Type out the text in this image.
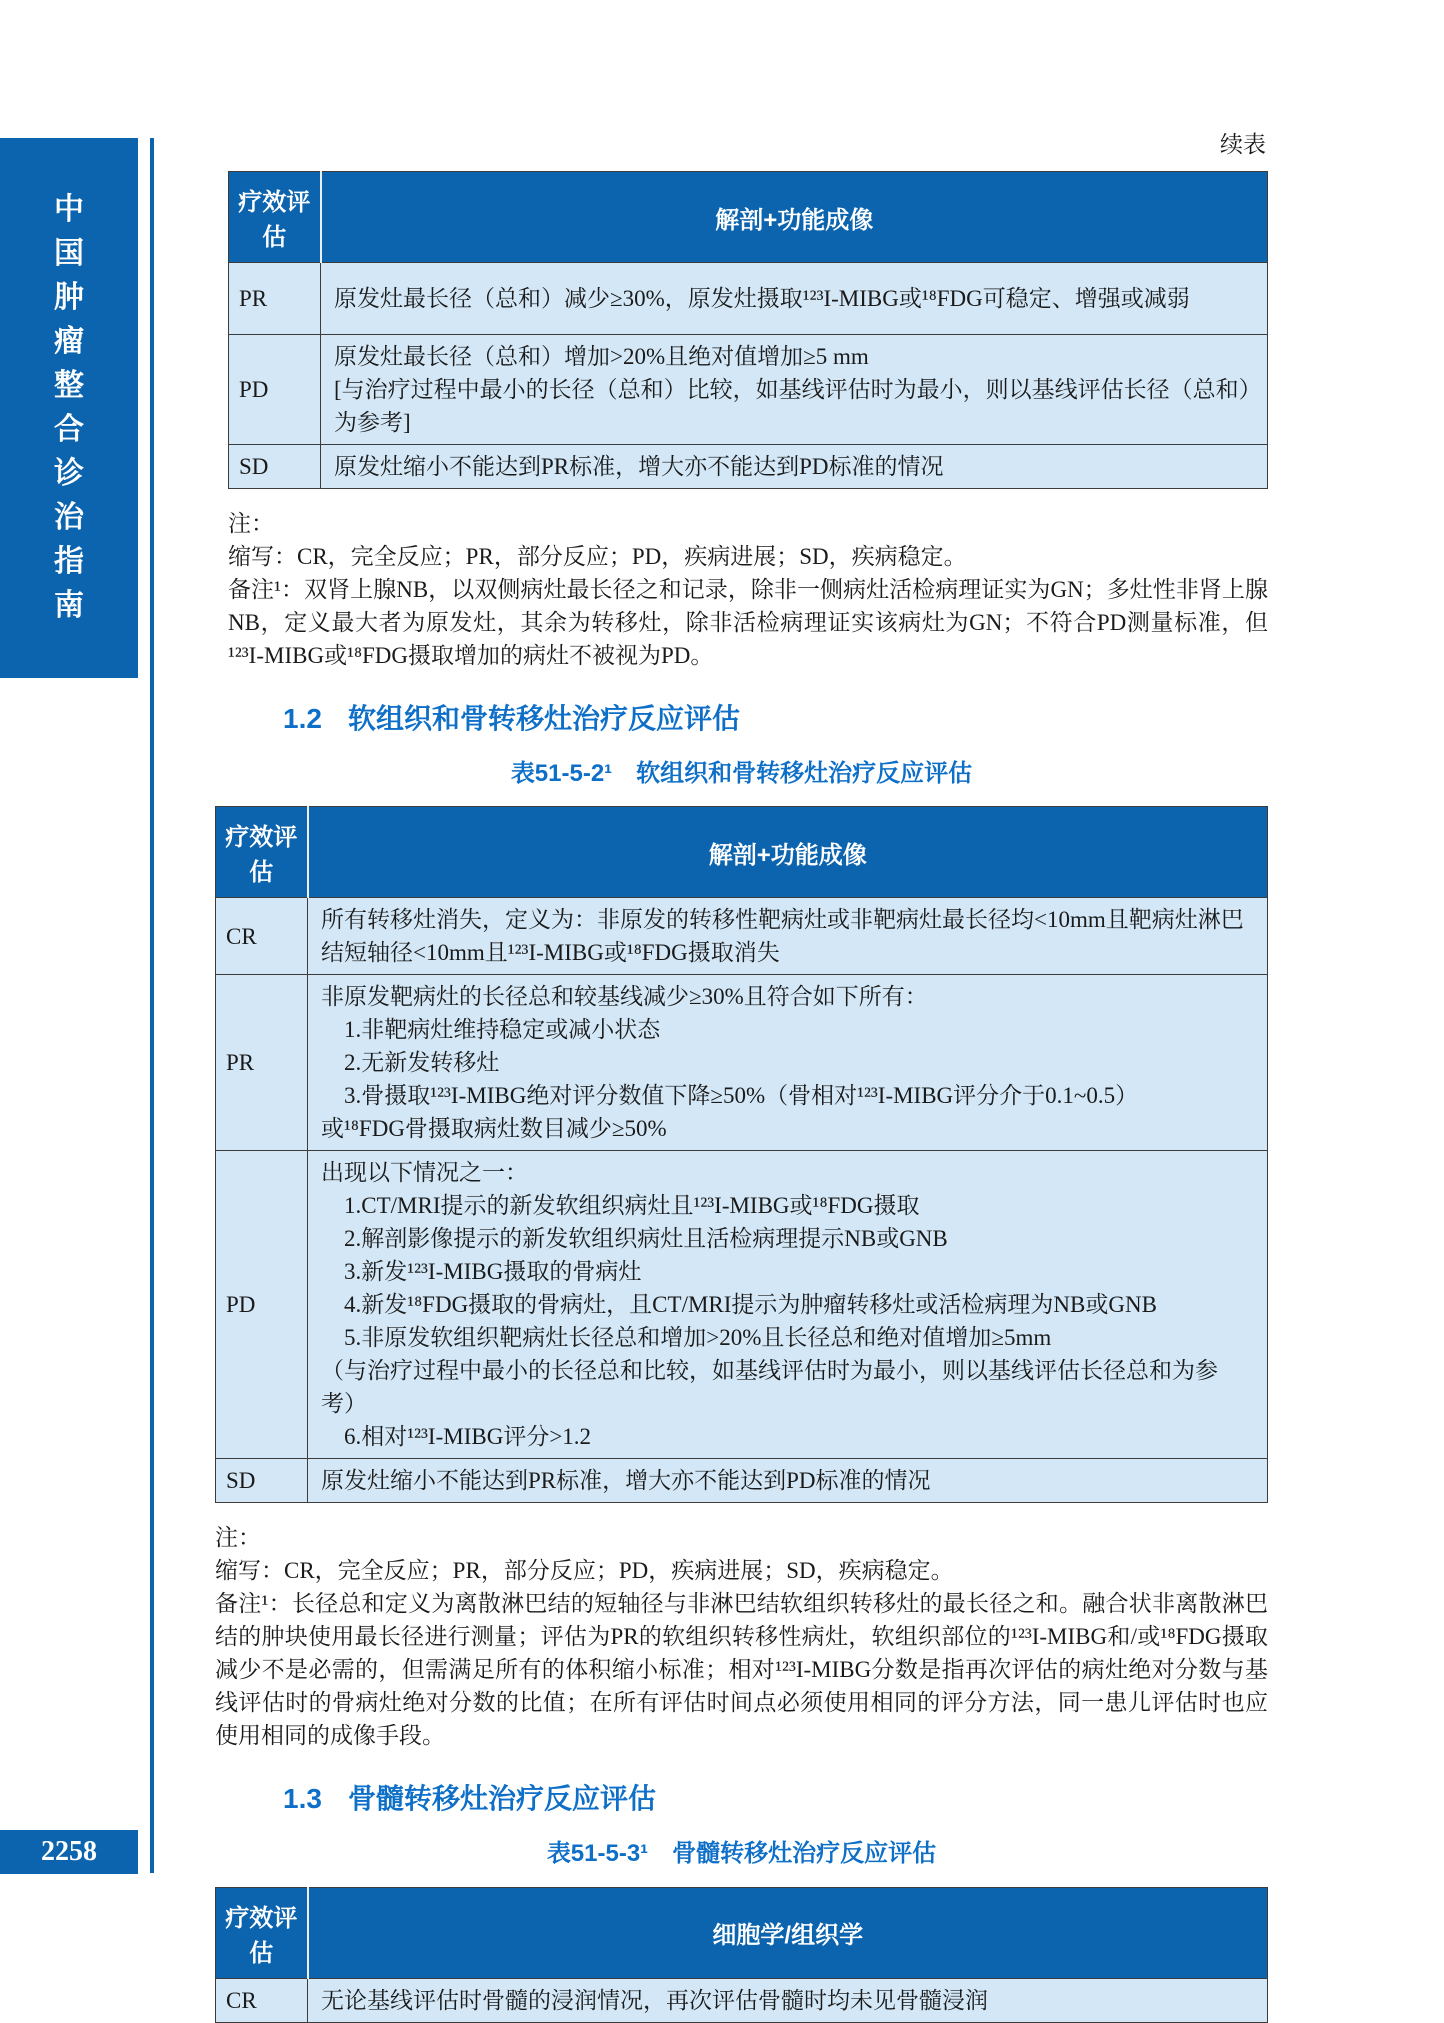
中
国
肿
瘤
整
合
诊
治
指
南
2258
续表
疗效评估	解剖+功能成像
PR	原发灶最长径（总和）减少≥30%，原发灶摄取¹²³I-MIBG或¹⁸FDG可稳定、增强或减弱
PD	原发灶最长径（总和）增加>20%且绝对值增加≥5 mm
[与治疗过程中最小的长径（总和）比较，如基线评估时为最小，则以基线评估长径（总和）为参考]
SD	原发灶缩小不能达到PR标准，增大亦不能达到PD标准的情况
注：
缩写：CR，完全反应；PR，部分反应；PD，疾病进展；SD，疾病稳定。
备注¹：双肾上腺NB，以双侧病灶最长径之和记录，除非一侧病灶活检病理证实为GN；多灶性非肾上腺NB，定义最大者为原发灶，其余为转移灶，除非活检病理证实该病灶为GN；不符合PD测量标准，但¹²³I-MIBG或¹⁸FDG摄取增加的病灶不被视为PD。
1.2 软组织和骨转移灶治疗反应评估
表51-5-2¹　软组织和骨转移灶治疗反应评估
疗效评估	解剖+功能成像
CR	所有转移灶消失，定义为：非原发的转移性靶病灶或非靶病灶最长径均<10mm且靶病灶淋巴结短轴径<10mm且¹²³I-MIBG或¹⁸FDG摄取消失
PR	非原发靶病灶的长径总和较基线减少≥30%且符合如下所有：
　1.非靶病灶维持稳定或减小状态
　2.无新发转移灶
　3.骨摄取¹²³I-MIBG绝对评分数值下降≥50%（骨相对¹²³I-MIBG评分介于0.1~0.5）
或¹⁸FDG骨摄取病灶数目减少≥50%
PD	出现以下情况之一：
　1.CT/MRI提示的新发软组织病灶且¹²³I-MIBG或¹⁸FDG摄取
　2.解剖影像提示的新发软组织病灶且活检病理提示NB或GNB
　3.新发¹²³I-MIBG摄取的骨病灶
　4.新发¹⁸FDG摄取的骨病灶，且CT/MRI提示为肿瘤转移灶或活检病理为NB或GNB
　5.非原发软组织靶病灶长径总和增加>20%且长径总和绝对值增加≥5mm
（与治疗过程中最小的长径总和比较，如基线评估时为最小，则以基线评估长径总和为参考）
　6.相对¹²³I-MIBG评分>1.2
SD	原发灶缩小不能达到PR标准，增大亦不能达到PD标准的情况
注：
缩写：CR，完全反应；PR，部分反应；PD，疾病进展；SD，疾病稳定。
备注¹：长径总和定义为离散淋巴结的短轴径与非淋巴结软组织转移灶的最长径之和。融合状非离散淋巴结的肿块使用最长径进行测量；评估为PR的软组织转移性病灶，软组织部位的¹²³I-MIBG和/或¹⁸FDG摄取减少不是必需的，但需满足所有的体积缩小标准；相对¹²³I-MIBG分数是指再次评估的病灶绝对分数与基线评估时的骨病灶绝对分数的比值；在所有评估时间点必须使用相同的评分方法，同一患儿评估时也应使用相同的成像手段。
1.3 骨髓转移灶治疗反应评估
表51-5-3¹　骨髓转移灶治疗反应评估
疗效评估	细胞学/组织学
CR	无论基线评估时骨髓的浸润情况，再次评估骨髓时均未见骨髓浸润
